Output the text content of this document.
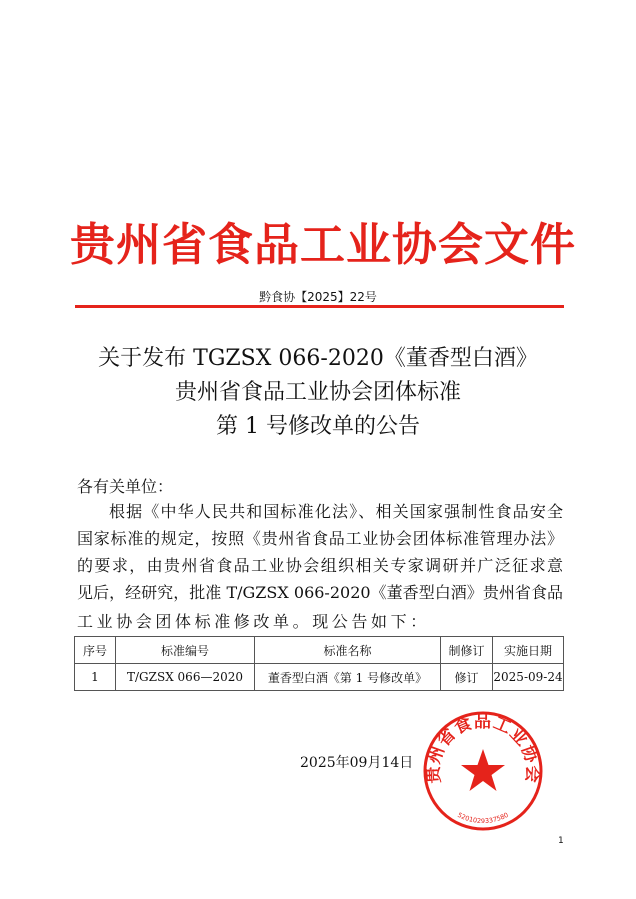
贵州省食品工业协会文件
黔食协【2025】22号
关于发布 TGZSX 066-2020《董香型白酒》
贵州省食品工业协会团体标准
第 1 号修改单的公告
各有关单位：
根据《中华人民共和国标准化法》、相关国家强制性食品安全
国家标准的规定，按照《贵州省食品工业协会团体标准管理办法》
的要求，由贵州省食品工业协会组织相关专家调研并广泛征求意
见后，经研究，批准 T/GZSX 066-2020《董香型白酒》贵州省食品
工业协会团体标准修改单。现公告如下：
序号	标准编号	标准名称	制修订	实施日期
1	T/GZSX 066—2020	董香型白酒《第 1 号修改单》	修订	2025-09-24
贵州省食品工业协会
5201029337580
2025年09月14日
1
